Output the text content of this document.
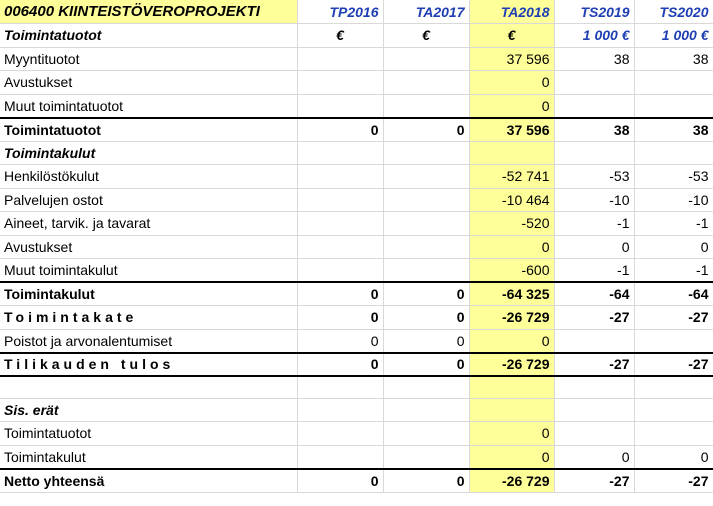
006400 KIINTEISTÖVEROPROJEKTI	TP2016	TA2017	TA2018	TS2019	TS2020
Toimintatuotot	€	€	€	1 000 €	1 000 €
Myyntituotot			37 596	38	38
Avustukset			0		
Muut toimintatuotot			0		
Toimintatuotot	0	0	37 596	38	38
Toimintakulut					
Henkilöstökulut			-52 741	-53	-53
Palvelujen ostot			-10 464	-10	-10
Aineet, tarvik. ja tavarat			-520	-1	-1
Avustukset			0	0	0
Muut toimintakulut			-600	-1	-1
Toimintakulut	0	0	-64 325	-64	-64
Toimintakate	0	0	-26 729	-27	-27
Poistot ja arvonalentumiset	0	0	0		
Tilikauden tulos	0	0	-26 729	-27	-27

Sis. erät					
Toimintatuotot			0		
Toimintakulut			0	0	0
Netto yhteensä	0	0	-26 729	-27	-27
